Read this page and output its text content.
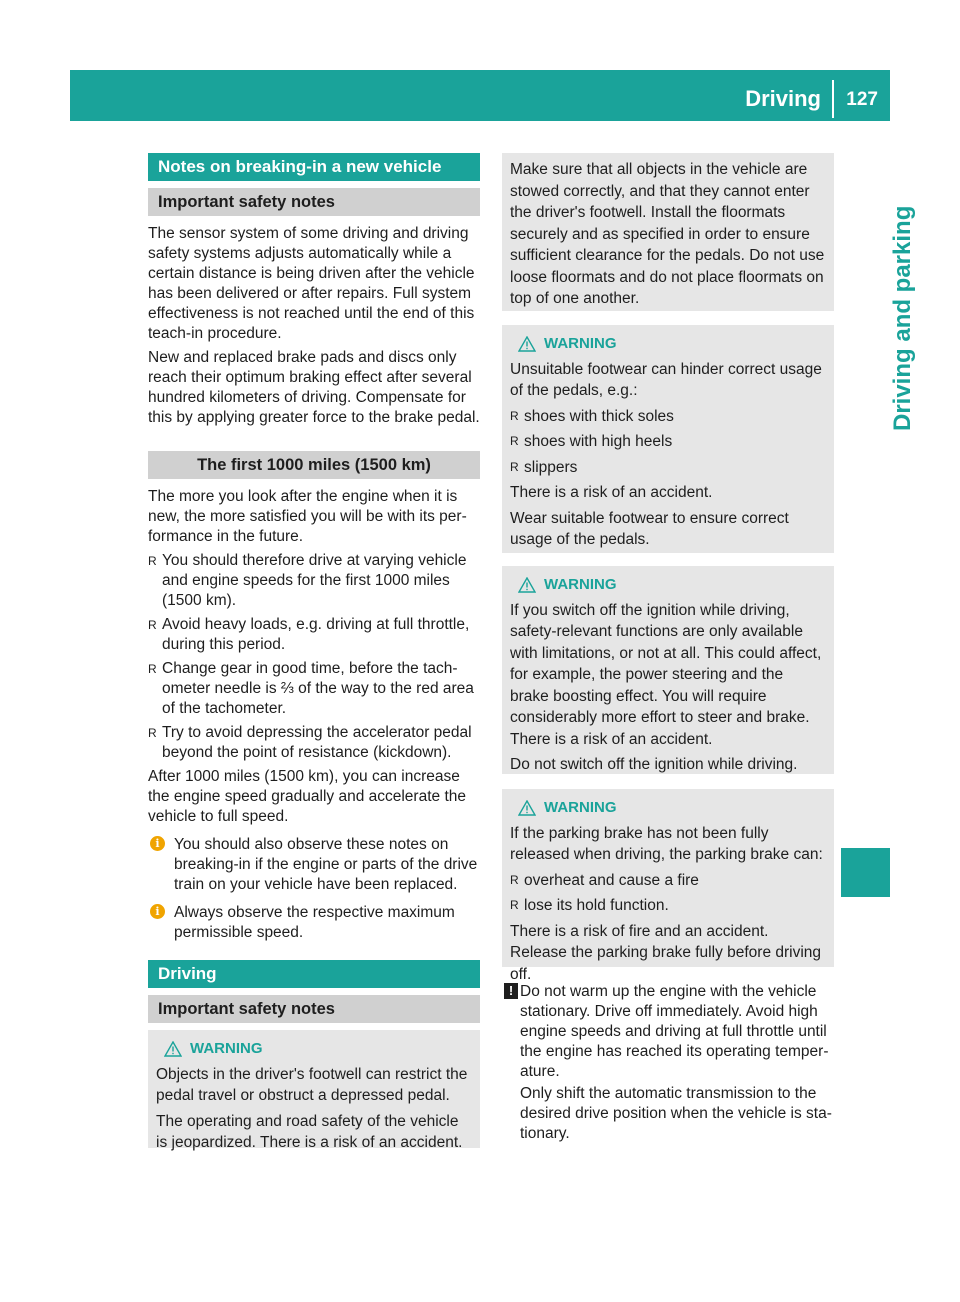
Driving 127
Driving and parking
Notes on breaking-in a new vehicle
Important safety notes

The sensor system of some driving and driving safety systems adjusts automatically while a certain distance is being driven after the vehicle has been delivered or after repairs. Full system effectiveness is not reached until the end of this teach-in procedure.

New and replaced brake pads and discs only reach their optimum braking effect after several hundred kilometers of driving. Compensate for this by applying greater force to the brake pedal.

The first 1000 miles (1500 km)

The more you look after the engine when it is new, the more satisfied you will be with its performance in the future.

R You should therefore drive at varying vehicle and engine speeds for the first 1000 miles (1500 km).
R Avoid heavy loads, e.g. driving at full throttle, during this period.
R Change gear in good time, before the tachometer needle is ⅔ of the way to the red area of the tachometer.
R Try to avoid depressing the accelerator pedal beyond the point of resistance (kickdown).

After 1000 miles (1500 km), you can increase the engine speed gradually and accelerate the vehicle to full speed.

i You should also observe these notes on breaking-in if the engine or parts of the drive train on your vehicle have been replaced.
i Always observe the respective maximum permissible speed.
Driving
Important safety notes
WARNING

Objects in the driver's footwell can restrict the pedal travel or obstruct a depressed pedal.

The operating and road safety of the vehicle is jeopardized. There is a risk of an accident.

Make sure that all objects in the vehicle are stowed correctly, and that they cannot enter the driver's footwell. Install the floormats securely and as specified in order to ensure sufficient clearance for the pedals. Do not use loose floormats and do not place floormats on top of one another.

WARNING

Unsuitable footwear can hinder correct usage of the pedals, e.g.:

R shoes with thick soles
R shoes with high heels
R slippers

There is a risk of an accident.

Wear suitable footwear to ensure correct usage of the pedals.

WARNING

If you switch off the ignition while driving, safety-relevant functions are only available with limitations, or not at all. This could affect, for example, the power steering and the brake boosting effect. You will require considerably more effort to steer and brake. There is a risk of an accident.

Do not switch off the ignition while driving.

WARNING

If the parking brake has not been fully released when driving, the parking brake can:

R overheat and cause a fire
R lose its hold function.

There is a risk of fire and an accident. Release the parking brake fully before driving off.

! Do not warm up the engine with the vehicle stationary. Drive off immediately. Avoid high engine speeds and driving at full throttle until the engine has reached its operating temperature.

Only shift the automatic transmission to the desired drive position when the vehicle is stationary.
